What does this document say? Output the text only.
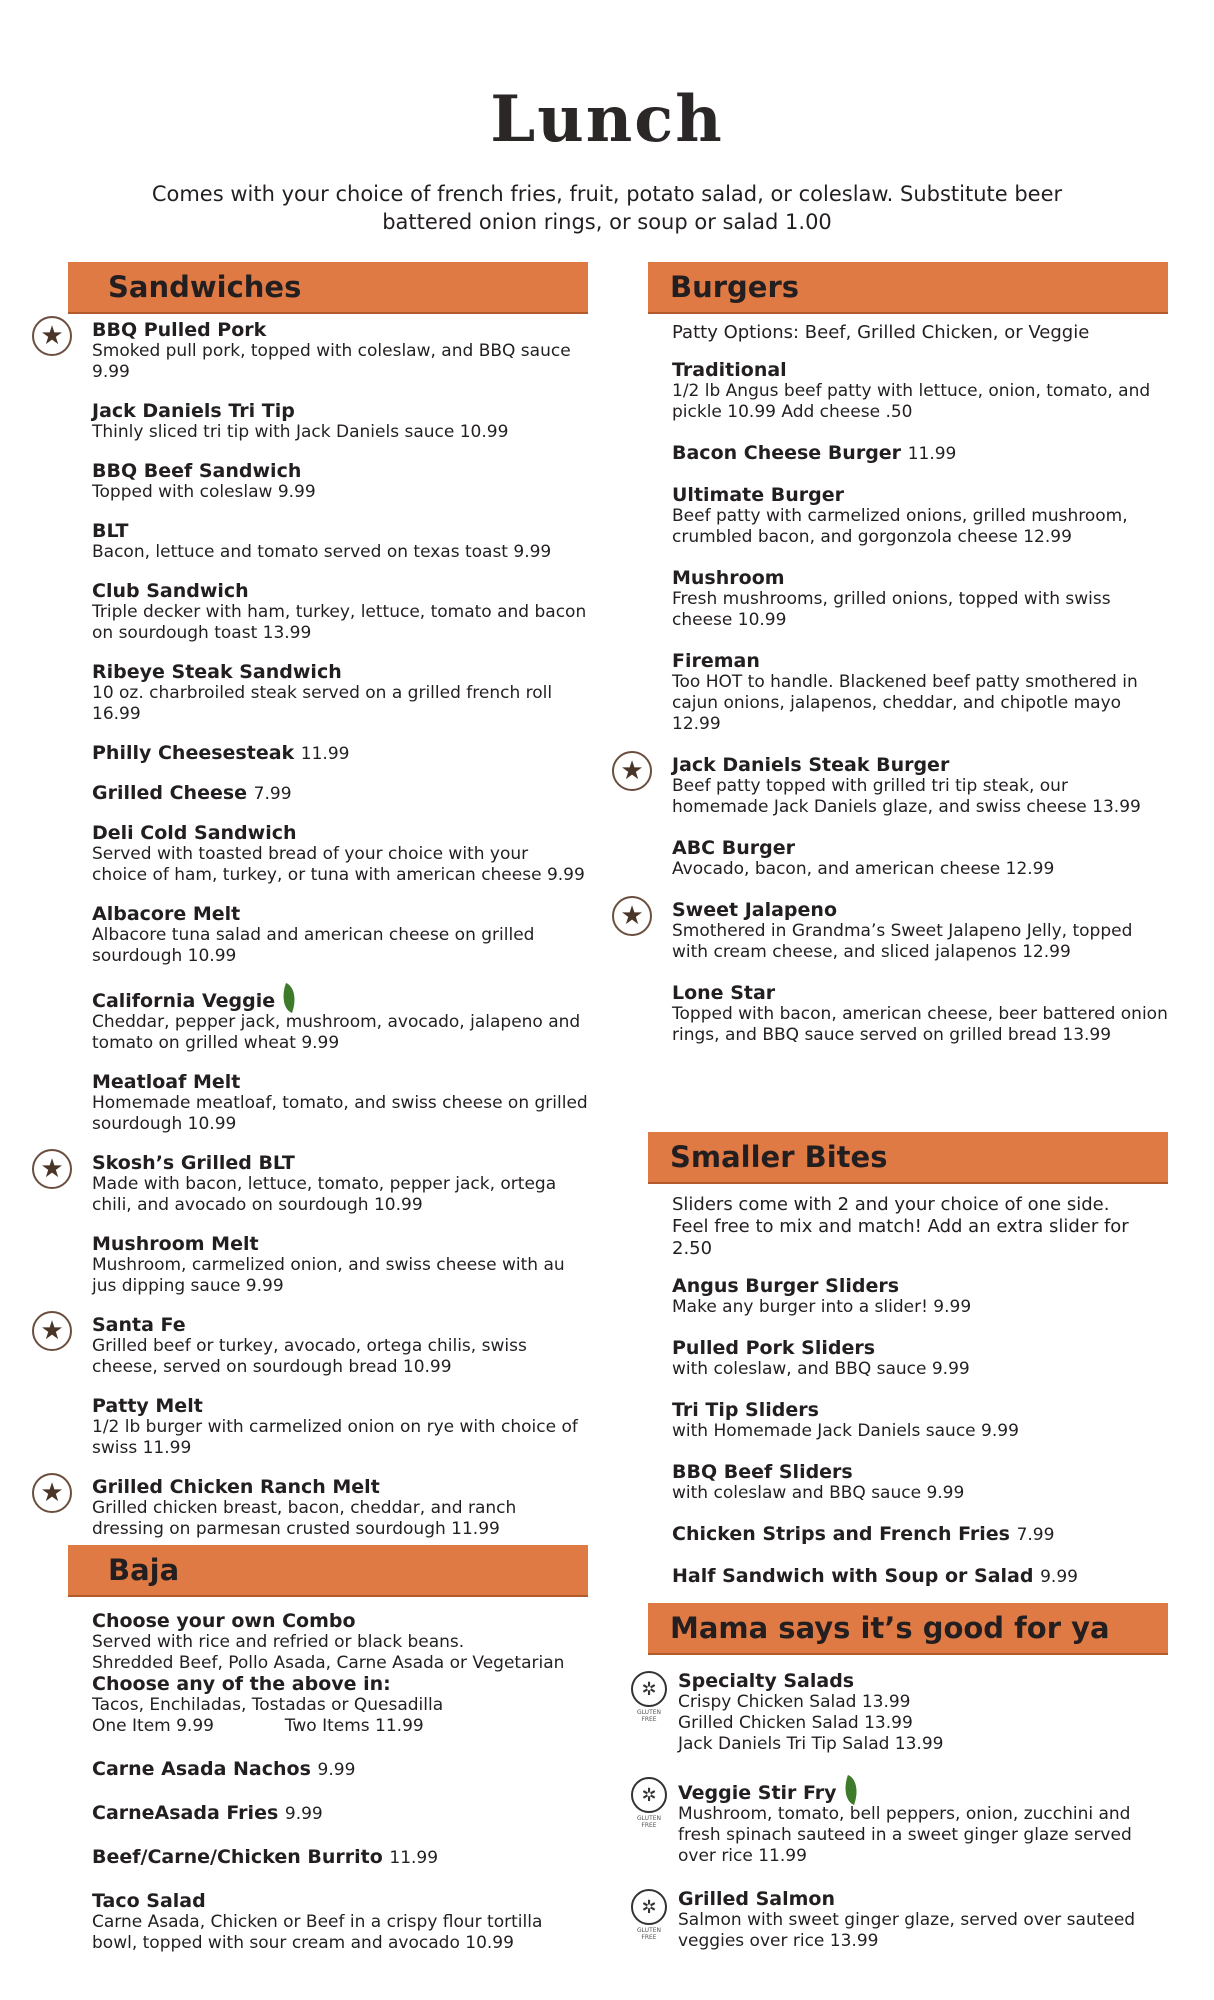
Lunch
Comes with your choice of french fries, fruit, potato salad, or coleslaw. Substitute beer battered onion rings, or soup or salad 1.00
Sandwiches
★	BBQ Pulled Pork
Smoked pull pork, topped with coleslaw, and BBQ sauce 9.99
Jack Daniels Tri Tip
Thinly sliced tri tip with Jack Daniels sauce 10.99
BBQ Beef Sandwich
Topped with coleslaw 9.99
BLT
Bacon, lettuce and tomato served on texas toast 9.99
Club Sandwich
Triple decker with ham, turkey, lettuce, tomato and bacon on sourdough toast 13.99
Ribeye Steak Sandwich
10 oz. charbroiled steak served on a grilled french roll 16.99
Philly Cheesesteak 11.99
Grilled Cheese 7.99
Deli Cold Sandwich
Served with toasted bread of your choice with your choice of ham, turkey, or tuna with american cheese 9.99
Albacore Melt
Albacore tuna salad and american cheese on grilled sourdough 10.99
California Veggie
Cheddar, pepper jack, mushroom, avocado, jalapeno and tomato on grilled wheat 9.99
Meatloaf Melt
Homemade meatloaf, tomato, and swiss cheese on grilled sourdough 10.99
★	Skosh’s Grilled BLT
Made with bacon, lettuce, tomato, pepper jack, ortega chili, and avocado on sourdough 10.99
Mushroom Melt
Mushroom, carmelized onion, and swiss cheese with au jus dipping sauce 9.99
★	Santa Fe
Grilled beef or turkey, avocado, ortega chilis, swiss cheese, served on sourdough bread 10.99
Patty Melt
1/2 lb burger with carmelized onion on rye with choice of swiss 11.99
★	Grilled Chicken Ranch Melt
Grilled chicken breast, bacon, cheddar, and ranch dressing on parmesan crusted sourdough 11.99
Baja
Choose your own Combo
Served with rice and refried or black beans.
Shredded Beef, Pollo Asada, Carne Asada or Vegetarian
Choose any of the above in:
Tacos, Enchiladas, Tostadas or Quesadilla
One Item 9.99	Two Items 11.99
Carne Asada Nachos 9.99
CarneAsada Fries 9.99
Beef/Carne/Chicken Burrito 11.99
Taco Salad
Carne Asada, Chicken or Beef in a crispy flour tortilla bowl, topped with sour cream and avocado 10.99
Burgers
Patty Options: Beef, Grilled Chicken, or Veggie
Traditional
1/2 lb Angus beef patty with lettuce, onion, tomato, and pickle 10.99 Add cheese .50
Bacon Cheese Burger 11.99
Ultimate Burger
Beef patty with carmelized onions, grilled mushroom, crumbled bacon, and gorgonzola cheese 12.99
Mushroom
Fresh mushrooms, grilled onions, topped with swiss cheese 10.99
Fireman
Too HOT to handle. Blackened beef patty smothered in cajun onions, jalapenos, cheddar, and chipotle mayo 12.99
★	Jack Daniels Steak Burger
Beef patty topped with grilled tri tip steak, our homemade Jack Daniels glaze, and swiss cheese 13.99
ABC Burger
Avocado, bacon, and american cheese 12.99
★	Sweet Jalapeno
Smothered in Grandma’s Sweet Jalapeno Jelly, topped with cream cheese, and sliced jalapenos 12.99
Lone Star
Topped with bacon, american cheese, beer battered onion rings, and BBQ sauce served on grilled bread 13.99
Smaller Bites
Sliders come with 2 and your choice of one side.
Feel free to mix and match! Add an extra slider for 2.50
Angus Burger Sliders
Make any burger into a slider! 9.99
Pulled Pork Sliders
with coleslaw, and BBQ sauce 9.99
Tri Tip Sliders
with Homemade Jack Daniels sauce 9.99
BBQ Beef Sliders
with coleslaw and BBQ sauce 9.99
Chicken Strips and French Fries 7.99
Half Sandwich with Soup or Salad 9.99
Mama says it’s good for ya
✲
GLUTEN FREE
Specialty Salads
Crispy Chicken Salad 13.99
Grilled Chicken Salad 13.99
Jack Daniels Tri Tip Salad 13.99
✲
GLUTEN FREE
Veggie Stir Fry
Mushroom, tomato, bell peppers, onion, zucchini and fresh spinach sauteed in a sweet ginger glaze served over rice 11.99
✲
GLUTEN FREE
Grilled Salmon
Salmon with sweet ginger glaze, served over sauteed veggies over rice 13.99
